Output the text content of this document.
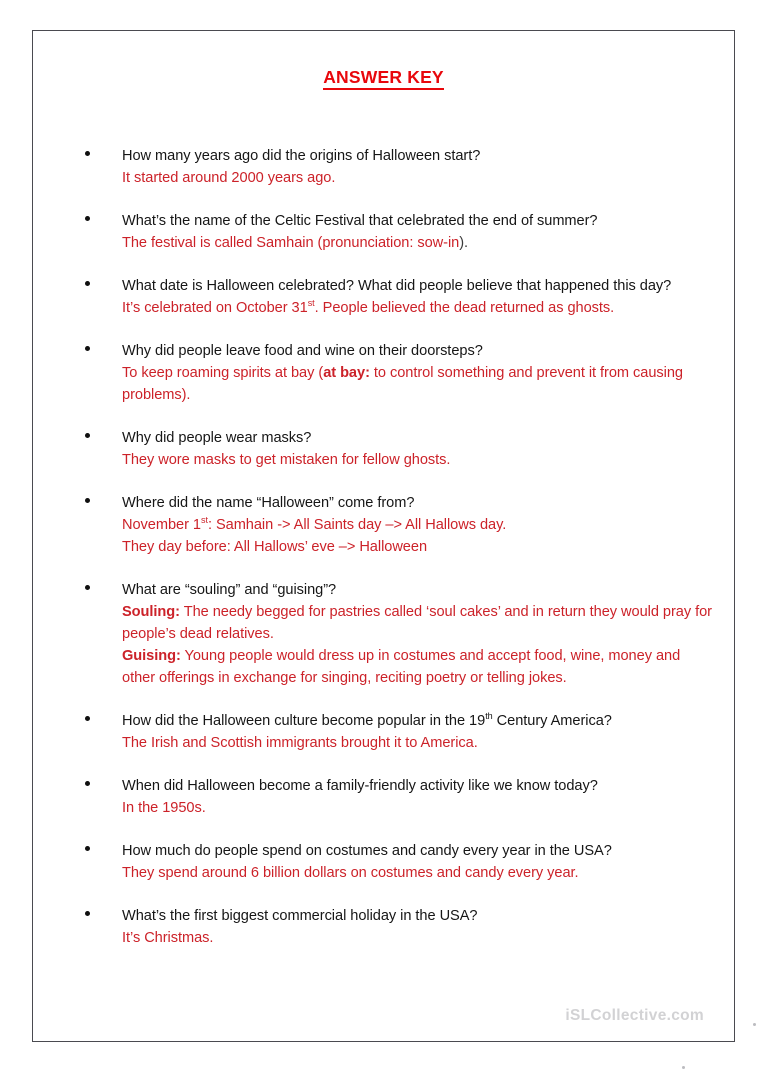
ANSWER KEY
How many years ago did the origins of Halloween start?
It started around 2000 years ago.
What’s the name of the Celtic Festival that celebrated the end of summer?
The festival is called Samhain (pronunciation: sow-in).
What date is Halloween celebrated? What did people believe that happened this day?
It’s celebrated on October 31st. People believed the dead returned as ghosts.
Why did people leave food and wine on their doorsteps?
To keep roaming spirits at bay (at bay: to control something and prevent it from causing problems).
Why did people wear masks?
They wore masks to get mistaken for fellow ghosts.
Where did the name “Halloween” come from?
November 1st: Samhain -> All Saints day –> All Hallows day.
They day before: All Hallows’ eve –> Halloween
What are “souling” and “guising”?
Souling: The needy begged for pastries called ‘soul cakes’ and in return they would pray for people’s dead relatives.
Guising: Young people would dress up in costumes and accept food, wine, money and other offerings in exchange for singing, reciting poetry or telling jokes.
How did the Halloween culture become popular in the 19th Century America?
The Irish and Scottish immigrants brought it to America.
When did Halloween become a family-friendly activity like we know today?
In the 1950s.
How much do people spend on costumes and candy every year in the USA?
They spend around 6 billion dollars on costumes and candy every year.
What’s the first biggest commercial holiday in the USA?
It’s Christmas.
iSLCollective.com
